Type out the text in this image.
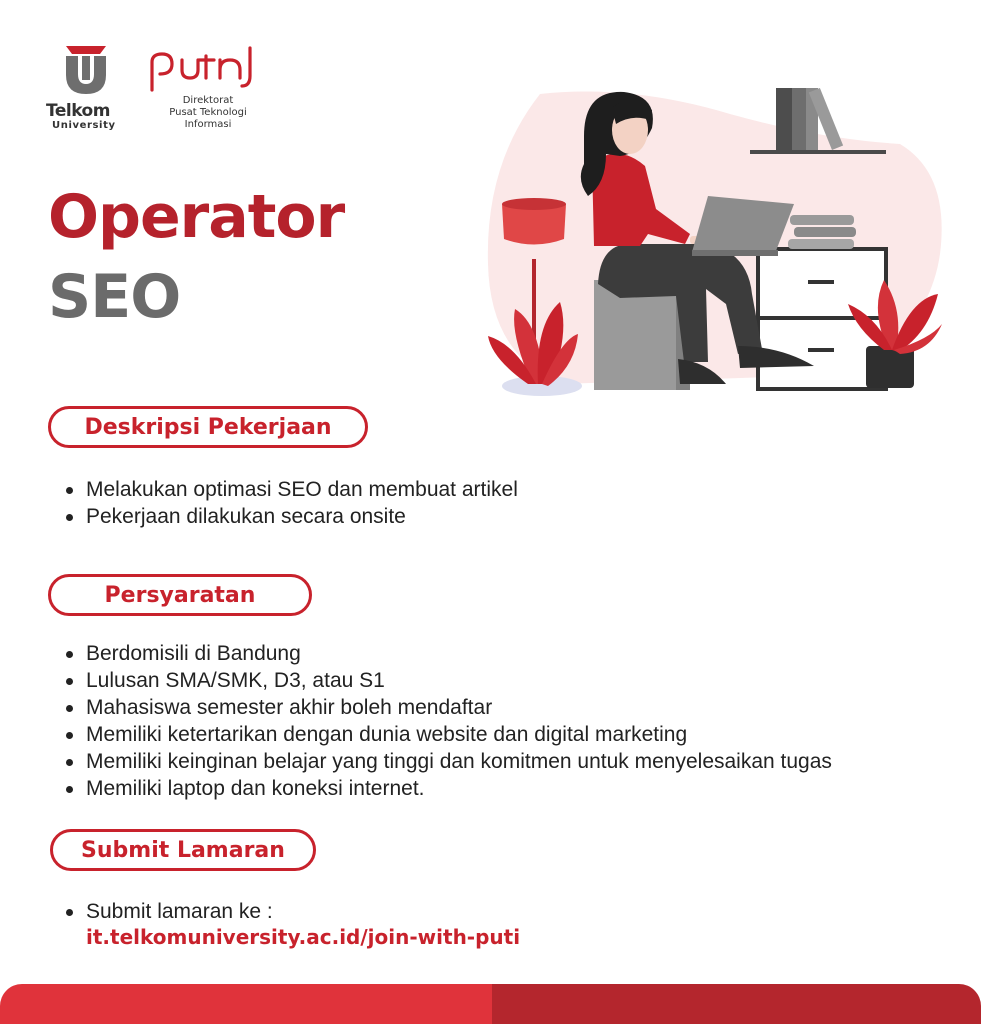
Telkom
University
Direktorat
Pusat Teknologi
Informasi
Operator
SEO
Deskripsi Pekerjaan
Melakukan optimasi SEO dan membuat artikel
Pekerjaan dilakukan secara onsite
Persyaratan
Berdomisili di Bandung
Lulusan SMA/SMK, D3, atau S1
Mahasiswa semester akhir boleh mendaftar
Memiliki ketertarikan dengan dunia website dan digital marketing
Memiliki keinginan belajar yang tinggi dan komitmen untuk menyelesaikan tugas
Memiliki laptop dan koneksi internet.
Submit Lamaran
Submit lamaran ke :
it.telkomuniversity.ac.id/join-with-puti
